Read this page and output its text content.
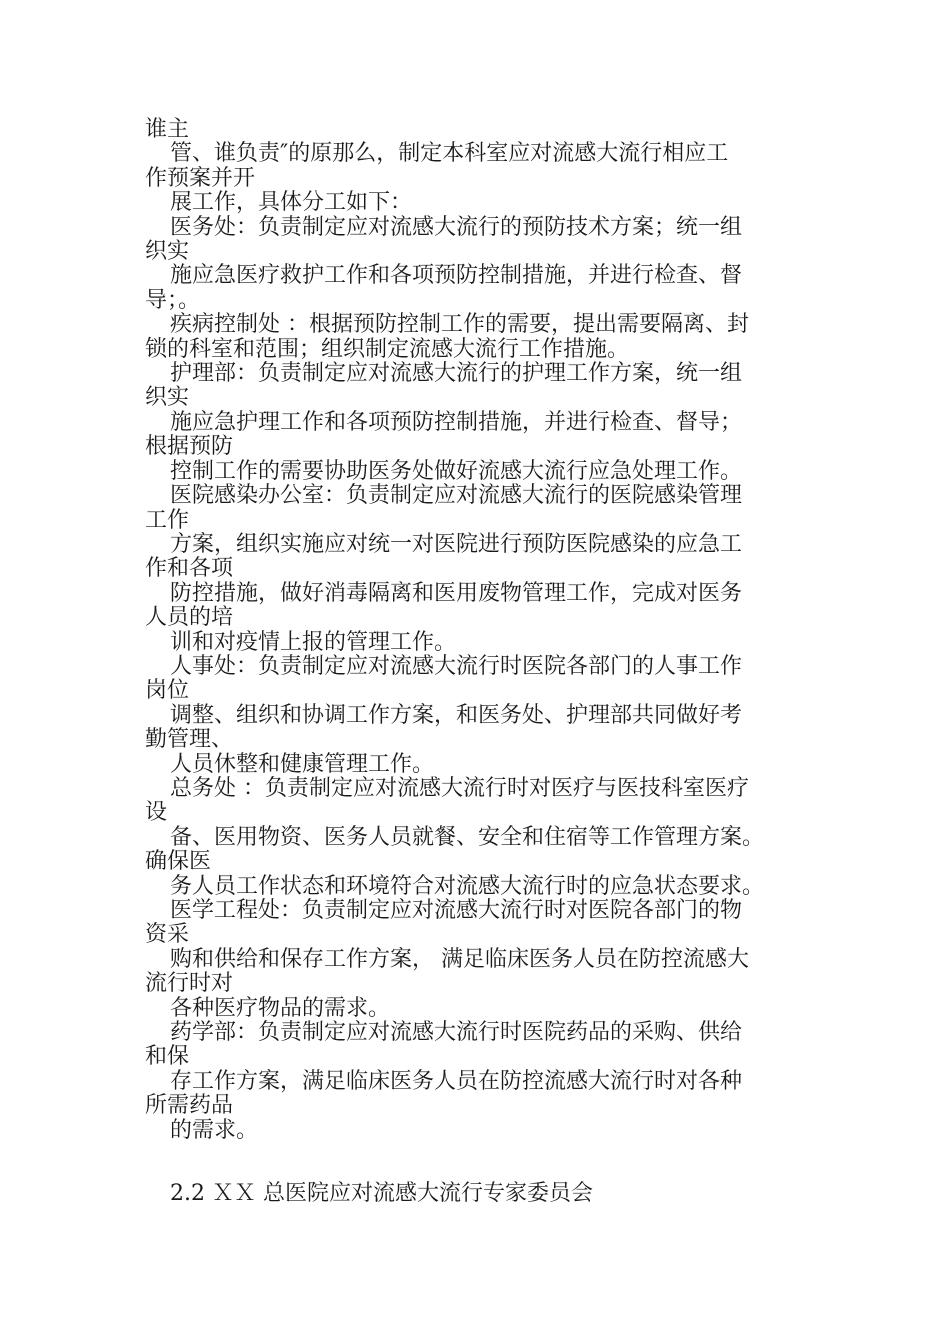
谁主
管、谁负责″的原那么，制定本科室应对流感大流行相应工
作预案并开
展工作，具体分工如下：
医务处：负责制定应对流感大流行的预防技术方案；统一组
织实
施应急医疗救护工作和各项预防控制措施，并进行检查、督
导；。
疾病控制处 ：根据预防控制工作的需要，提出需要隔离、封
锁的科室和范围；组织制定流感大流行工作措施。
护理部：负责制定应对流感大流行的护理工作方案，统一组
织实
施应急护理工作和各项预防控制措施，并进行检查、督导；
根据预防
控制工作的需要协助医务处做好流感大流行应急处理工作。
医院感染办公室：负责制定应对流感大流行的医院感染管理
工作
方案，组织实施应对统一对医院进行预防医院感染的应急工
作和各项
防控措施，做好消毒隔离和医用废物管理工作，完成对医务
人员的培
训和对疫情上报的管理工作。
人事处：负责制定应对流感大流行时医院各部门的人事工作
岗位
调整、组织和协调工作方案，和医务处、护理部共同做好考
勤管理、
人员休整和健康管理工作。
总务处 ：负责制定应对流感大流行时对医疗与医技科室医疗
设
备、医用物资、医务人员就餐、安全和住宿等工作管理方案。
确保医
务人员工作状态和环境符合对流感大流行时的应急状态要求。
医学工程处：负责制定应对流感大流行时对医院各部门的物
资采
购和供给和保存工作方案， 满足临床医务人员在防控流感大
流行时对
各种医疗物品的需求。
药学部：负责制定应对流感大流行时医院药品的采购、供给
和保
存工作方案，满足临床医务人员在防控流感大流行时对各种
所需药品
的需求。
2.2 ＸＸ 总医院应对流感大流行专家委员会
